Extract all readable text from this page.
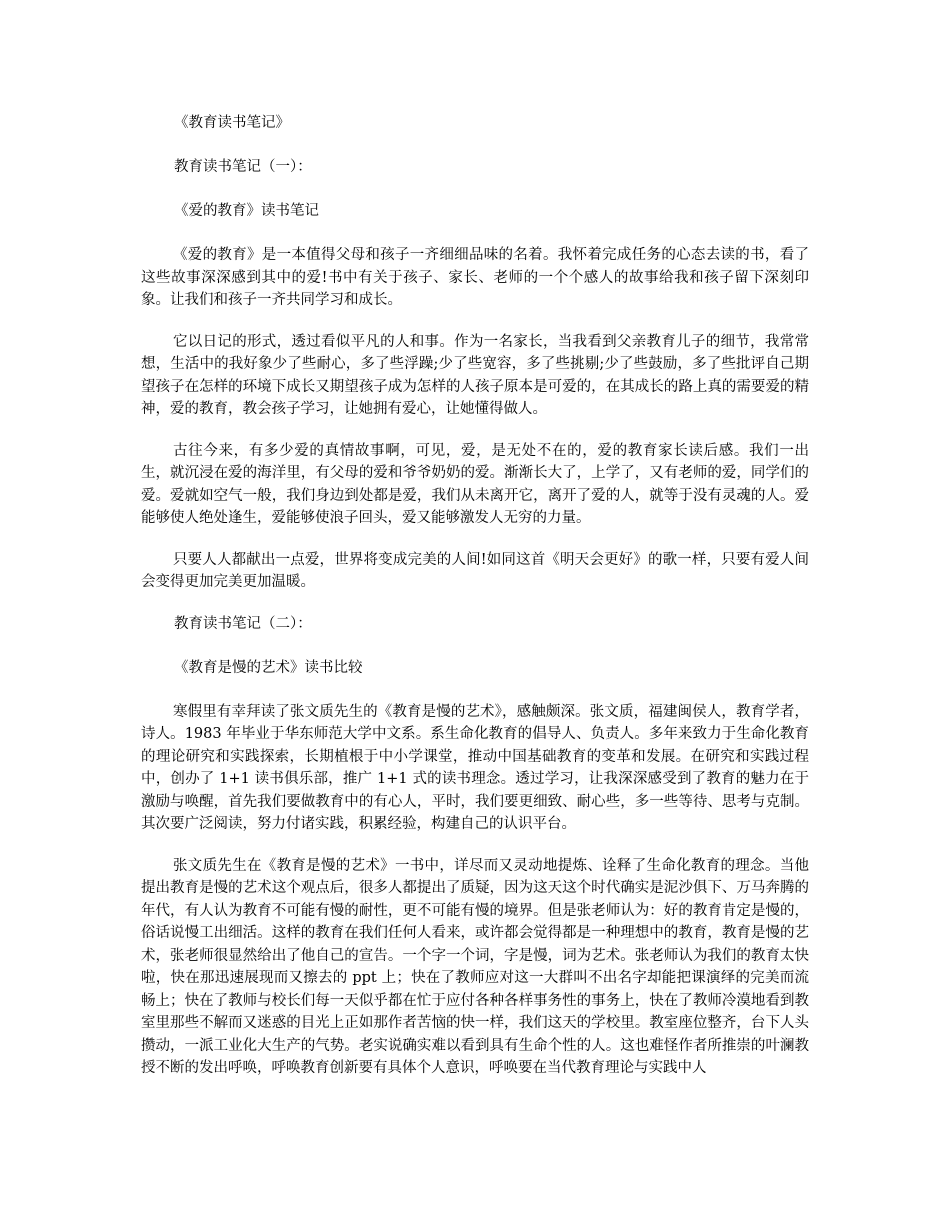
《教育读书笔记》

教育读书笔记（一）：

《爱的教育》读书笔记

《爱的教育》是一本值得父母和孩子一齐细细品味的名着。我怀着完成任务的心态去读的书，看了这些故事深深感到其中的爱!书中有关于孩子、家长、老师的一个个感人的故事给我和孩子留下深刻印象。让我们和孩子一齐共同学习和成长。

它以日记的形式，透过看似平凡的人和事。作为一名家长，当我看到父亲教育儿子的细节，我常常想，生活中的我好象少了些耐心，多了些浮躁;少了些宽容，多了些挑剔;少了些鼓励，多了些批评自己期望孩子在怎样的环境下成长又期望孩子成为怎样的人孩子原本是可爱的，在其成长的路上真的需要爱的精神，爱的教育，教会孩子学习，让她拥有爱心，让她懂得做人。

古往今来，有多少爱的真情故事啊，可见，爱，是无处不在的，爱的教育家长读后感。我们一出生，就沉浸在爱的海洋里，有父母的爱和爷爷奶奶的爱。渐渐长大了，上学了，又有老师的爱，同学们的爱。爱就如空气一般，我们身边到处都是爱，我们从未离开它，离开了爱的人，就等于没有灵魂的人。爱能够使人绝处逢生，爱能够使浪子回头，爱又能够激发人无穷的力量。

只要人人都献出一点爱，世界将变成完美的人间!如同这首《明天会更好》的歌一样，只要有爱人间会变得更加完美更加温暖。

教育读书笔记（二）：

《教育是慢的艺术》读书比较

寒假里有幸拜读了张文质先生的《教育是慢的艺术》，感触颇深。张文质，福建闽侯人，教育学者，诗人。1983 年毕业于华东师范大学中文系。系生命化教育的倡导人、负责人。多年来致力于生命化教育的理论研究和实践探索，长期植根于中小学课堂，推动中国基础教育的变革和发展。在研究和实践过程中，创办了 1+1 读书俱乐部，推广 1+1 式的读书理念。透过学习，让我深深感受到了教育的魅力在于激励与唤醒，首先我们要做教育中的有心人，平时，我们要更细致、耐心些，多一些等待、思考与克制。其次要广泛阅读，努力付诸实践，积累经验，构建自己的认识平台。

张文质先生在《教育是慢的艺术》一书中，详尽而又灵动地提炼、诠释了生命化教育的理念。当他提出教育是慢的艺术这个观点后，很多人都提出了质疑，因为这天这个时代确实是泥沙俱下、万马奔腾的年代，有人认为教育不可能有慢的耐性，更不可能有慢的境界。但是张老师认为：好的教育肯定是慢的，俗话说慢工出细活。这样的教育在我们任何人看来，或许都会觉得都是一种理想中的教育，教育是慢的艺术，张老师很显然给出了他自己的宣告。一个字一个词，字是慢，词为艺术。张老师认为我们的教育太快啦，快在那迅速展现而又擦去的 ppt 上；快在了教师应对这一大群叫不出名字却能把课演绎的完美而流畅上；快在了教师与校长们每一天似乎都在忙于应付各种各样事务性的事务上，快在了教师冷漠地看到教室里那些不解而又迷惑的目光上正如那作者苦恼的快一样，我们这天的学校里。教室座位整齐，台下人头攒动，一派工业化大生产的气势。老实说确实难以看到具有生命个性的人。这也难怪作者所推崇的叶澜教授不断的发出呼唤，呼唤教育创新要有具体个人意识，呼唤要在当代教育理论与实践中人
